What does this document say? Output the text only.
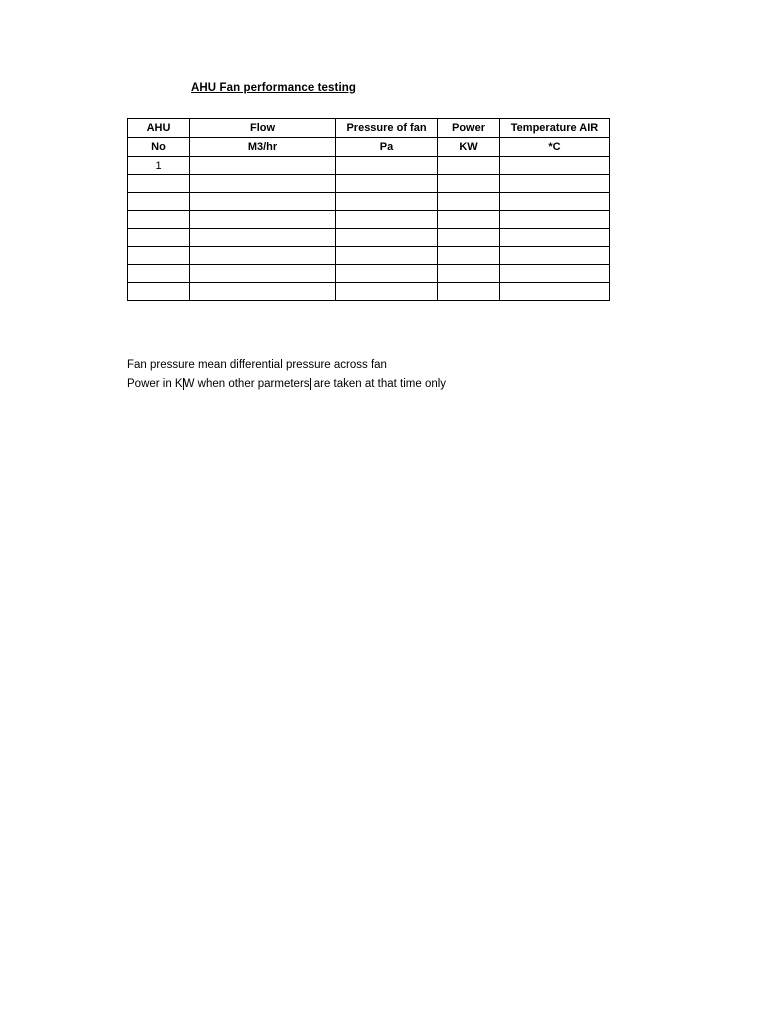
AHU Fan performance testing
AHU	Flow	Pressure of fan	Power	Temperature AIR
No	M3/hr	Pa	KW	*C
1				

Fan pressure mean differential pressure across fan
Power in KW when other parmeters are taken at that time only
